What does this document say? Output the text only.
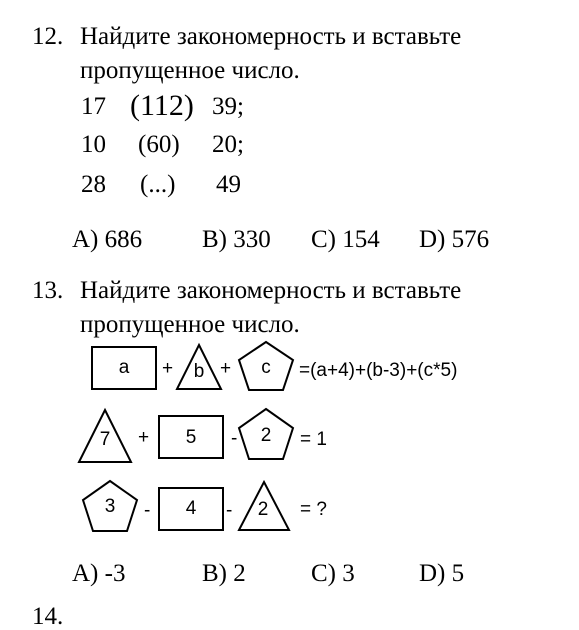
12. Найдите закономерность и вставьте
пропущенное число.
17 (112) 39;
10 (60) 20;
28 (...) 49
A) 686 B) 330 C) 154 D) 576
13. Найдите закономерность и вставьте
пропущенное число.
a	+	b +	c	=(a+4)+(b-3)+(c*5)
7	+	5	-	2	= 1
3	-	4	-	2	= ?
A) -3	B) 2	C) 3	D) 5
14.
